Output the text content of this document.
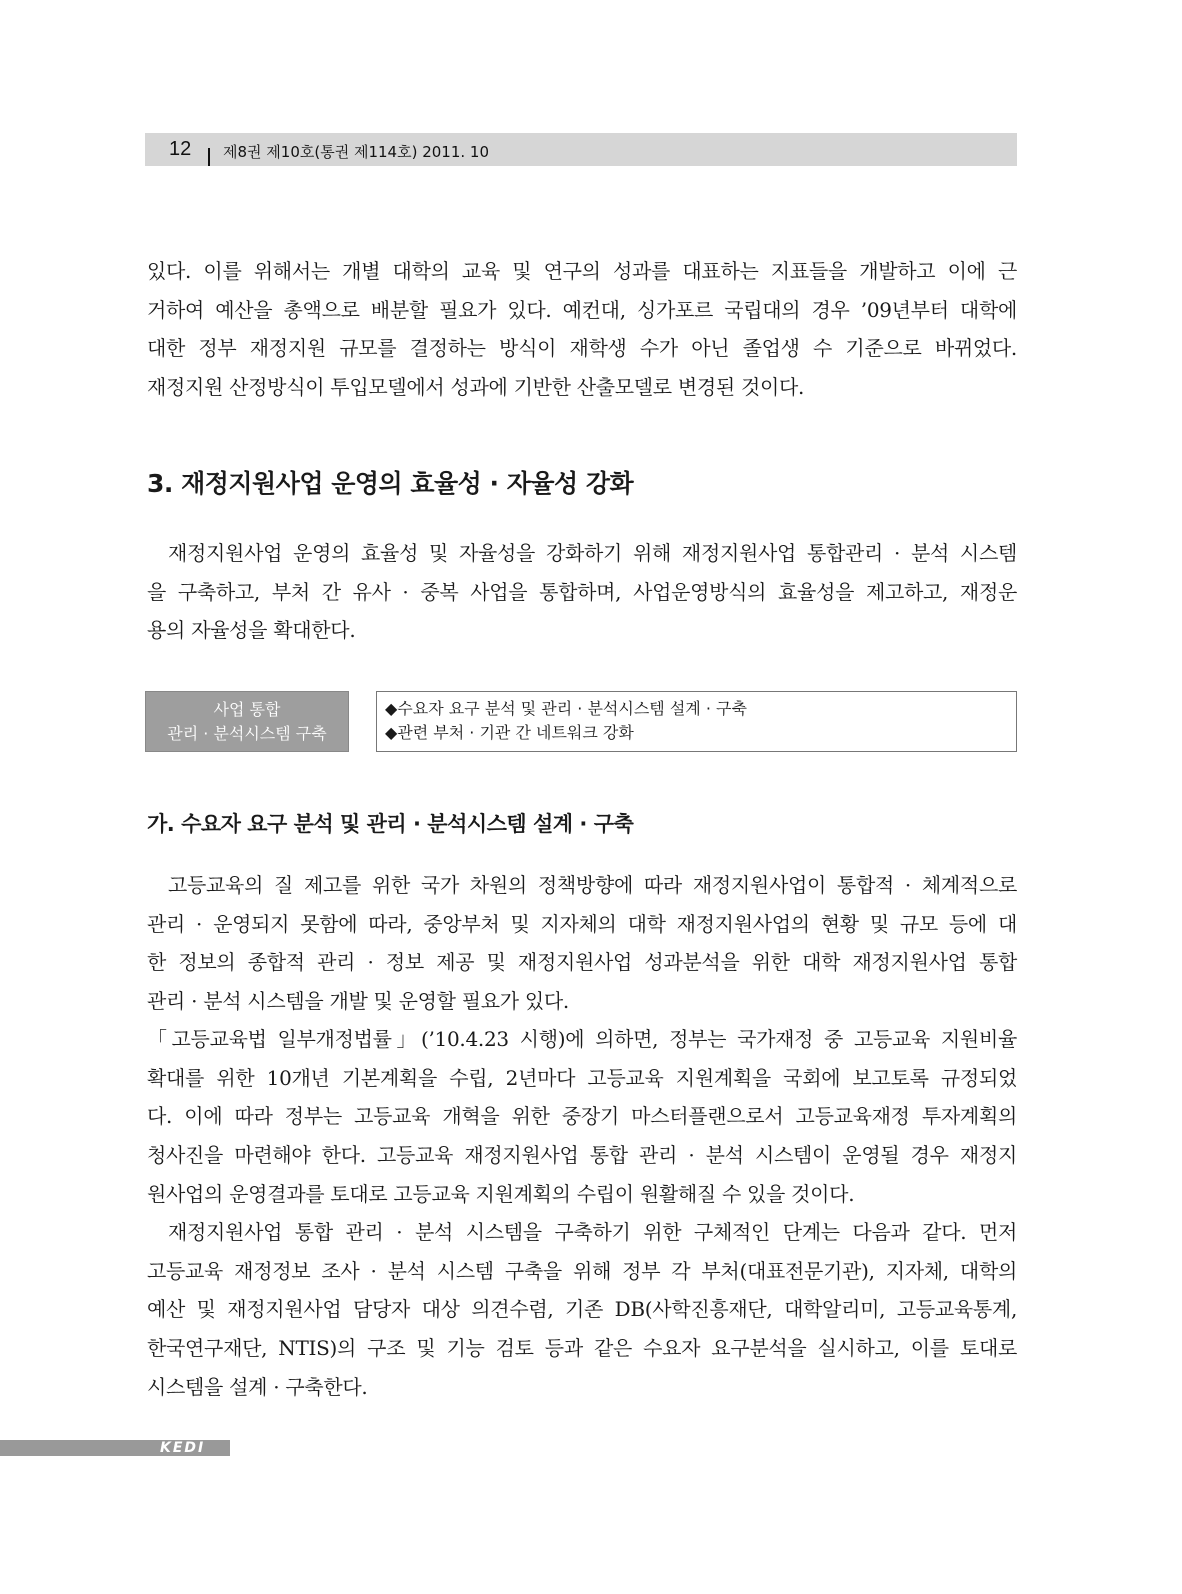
12 제8권 제10호(통권 제114호) 2011. 10
있다. 이를 위해서는 개별 대학의 교육 및 연구의 성과를 대표하는 지표들을 개발하고 이에 근
거하여 예산을 총액으로 배분할 필요가 있다. 예컨대, 싱가포르 국립대의 경우 ’09년부터 대학에
대한 정부 재정지원 규모를 결정하는 방식이 재학생 수가 아닌 졸업생 수 기준으로 바뀌었다.
재정지원 산정방식이 투입모델에서 성과에 기반한 산출모델로 변경된 것이다.
재정지원사업 운영의 효율성 및 자율성을 강화하기 위해 재정지원사업 통합관리 · 분석 시스템
을 구축하고, 부처 간 유사 · 중복 사업을 통합하며, 사업운영방식의 효율성을 제고하고, 재정운
용의 자율성을 확대한다.
고등교육의 질 제고를 위한 국가 차원의 정책방향에 따라 재정지원사업이 통합적 · 체계적으로
관리 · 운영되지 못함에 따라, 중앙부처 및 지자체의 대학 재정지원사업의 현황 및 규모 등에 대
한 정보의 종합적 관리 · 정보 제공 및 재정지원사업 성과분석을 위한 대학 재정지원사업 통합
관리 · 분석 시스템을 개발 및 운영할 필요가 있다.
「고등교육법 일부개정법률」(’10.4.23 시행)에 의하면, 정부는 국가재정 중 고등교육 지원비율
확대를 위한 10개년 기본계획을 수립, 2년마다 고등교육 지원계획을 국회에 보고토록 규정되었
다. 이에 따라 정부는 고등교육 개혁을 위한 중장기 마스터플랜으로서 고등교육재정 투자계획의
청사진을 마련해야 한다. 고등교육 재정지원사업 통합 관리 · 분석 시스템이 운영될 경우 재정지
원사업의 운영결과를 토대로 고등교육 지원계획의 수립이 원활해질 수 있을 것이다.
재정지원사업 통합 관리 · 분석 시스템을 구축하기 위한 구체적인 단계는 다음과 같다. 먼저
고등교육 재정정보 조사 · 분석 시스템 구축을 위해 정부 각 부처(대표전문기관), 지자체, 대학의
예산 및 재정지원사업 담당자 대상 의견수렴, 기존 DB(사학진흥재단, 대학알리미, 고등교육통계,
한국연구재단, NTIS)의 구조 및 기능 검토 등과 같은 수요자 요구분석을 실시하고, 이를 토대로
시스템을 설계 · 구축한다.
3. 재정지원사업 운영의 효율성 · 자율성 강화
사업 통합
관리 · 분석시스템 구축
◆수요자 요구 분석 및 관리 · 분석시스템 설계 · 구축
◆관련 부처 · 기관 간 네트워크 강화
가. 수요자 요구 분석 및 관리 · 분석시스템 설계 · 구축
KEDI
